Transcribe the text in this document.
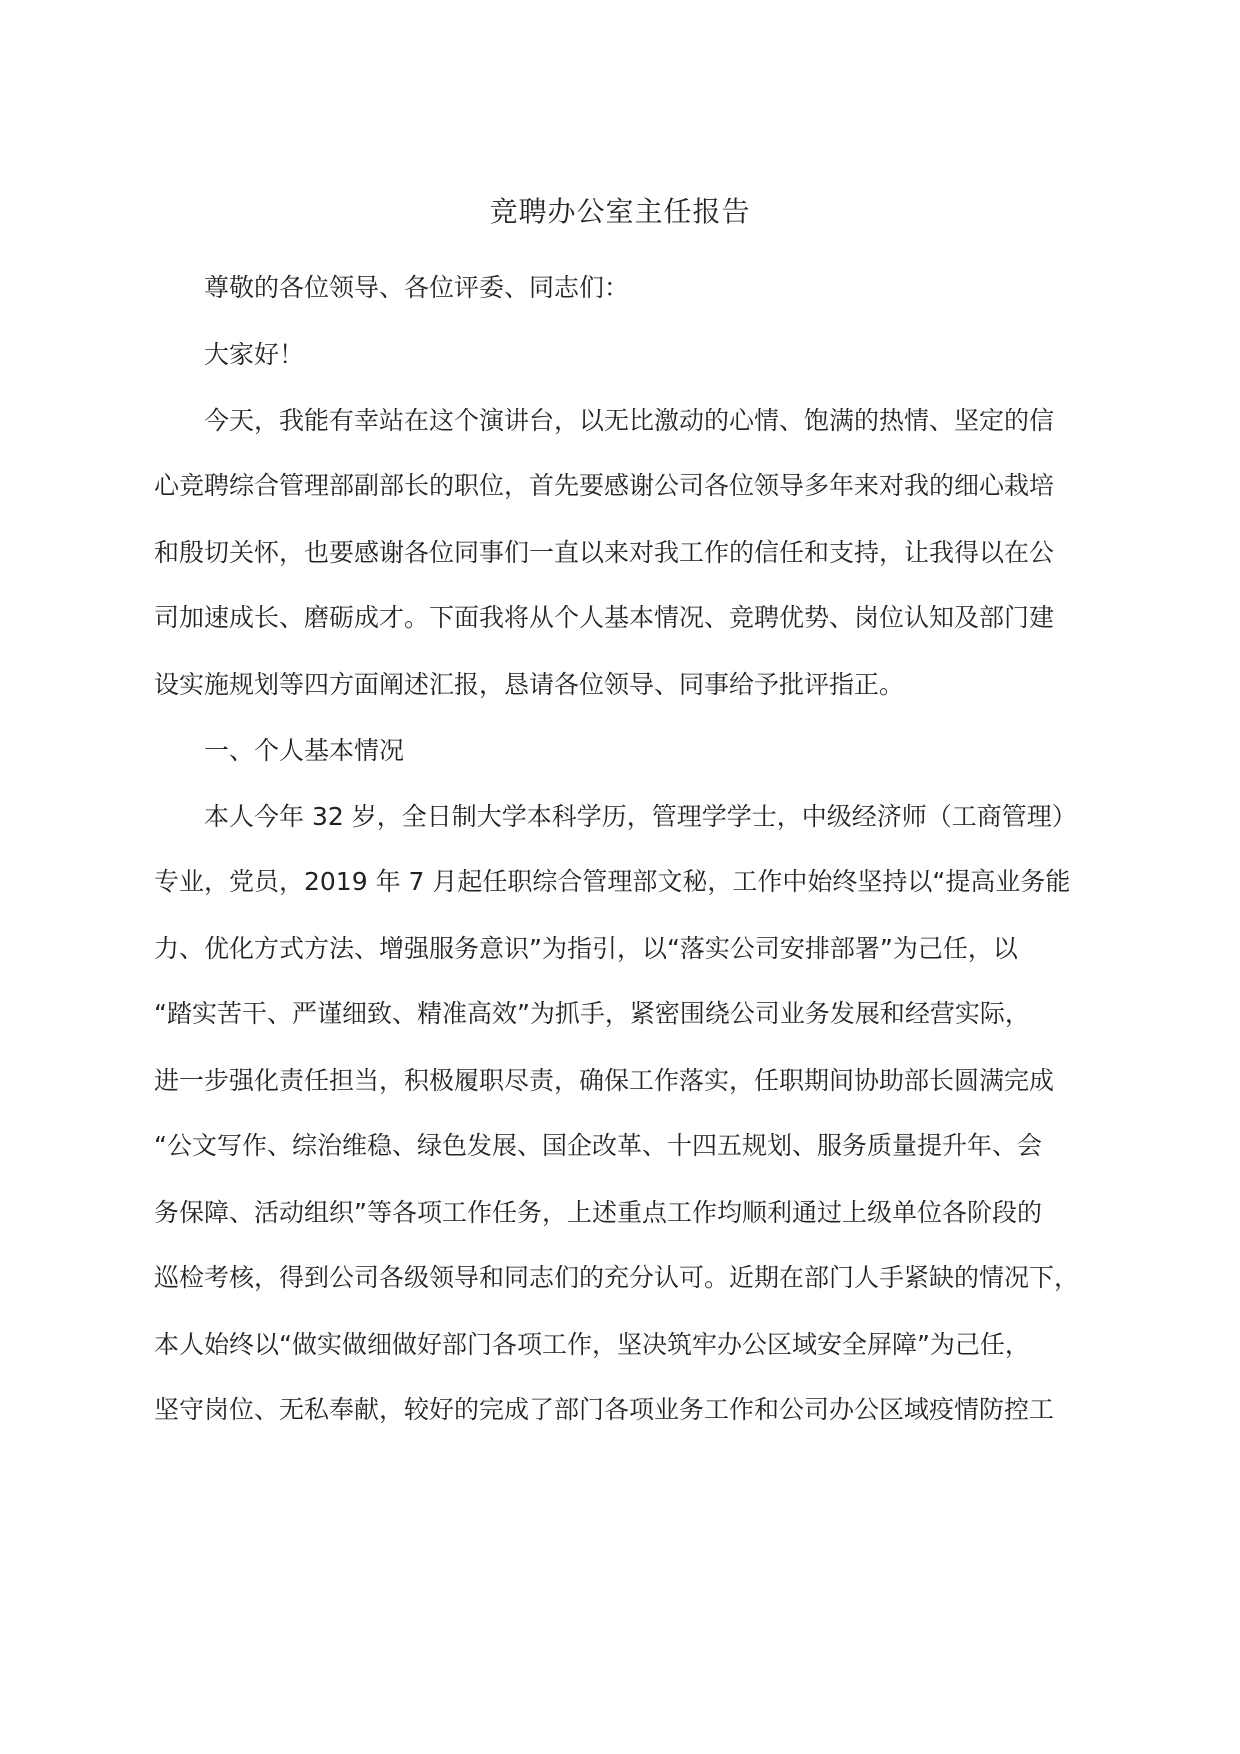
竞聘办公室主任报告
尊敬的各位领导、各位评委、同志们：
大家好！
今天，我能有幸站在这个演讲台，以无比激动的心情、饱满的热情、坚定的信
心竞聘综合管理部副部长的职位，首先要感谢公司各位领导多年来对我的细心栽培
和殷切关怀，也要感谢各位同事们一直以来对我工作的信任和支持，让我得以在公
司加速成长、磨砺成才。下面我将从个人基本情况、竞聘优势、岗位认知及部门建
设实施规划等四方面阐述汇报，恳请各位领导、同事给予批评指正。
一、个人基本情况
本人今年 32 岁，全日制大学本科学历，管理学学士，中级经济师（工商管理）
专业，党员，2019 年 7 月起任职综合管理部文秘，工作中始终坚持以“提高业务能
力、优化方式方法、增强服务意识”为指引，以“落实公司安排部署”为己任，以
“踏实苦干、严谨细致、精准高效”为抓手，紧密围绕公司业务发展和经营实际，
进一步强化责任担当，积极履职尽责，确保工作落实，任职期间协助部长圆满完成
“公文写作、综治维稳、绿色发展、国企改革、十四五规划、服务质量提升年、会
务保障、活动组织”等各项工作任务，上述重点工作均顺利通过上级单位各阶段的
巡检考核，得到公司各级领导和同志们的充分认可。近期在部门人手紧缺的情况下，
本人始终以“做实做细做好部门各项工作，坚决筑牢办公区域安全屏障”为己任，
坚守岗位、无私奉献，较好的完成了部门各项业务工作和公司办公区域疫情防控工
